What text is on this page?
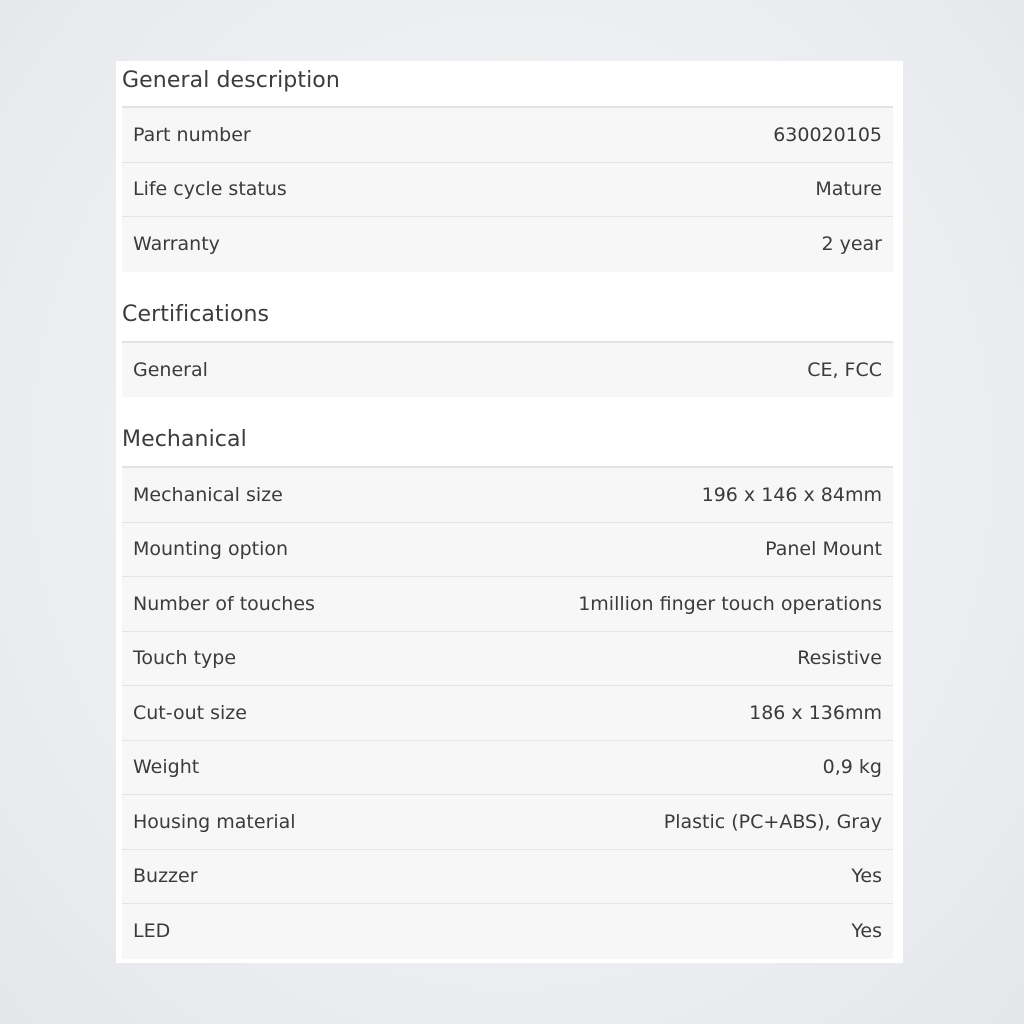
General description
Part number	630020105
Life cycle status	Mature
Warranty	2 year
Certifications
General	CE, FCC
Mechanical
Mechanical size	196 x 146 x 84mm
Mounting option	Panel Mount
Number of touches	1million finger touch operations
Touch type	Resistive
Cut-out size	186 x 136mm
Weight	0,9 kg
Housing material	Plastic (PC+ABS), Gray
Buzzer	Yes
LED	Yes
